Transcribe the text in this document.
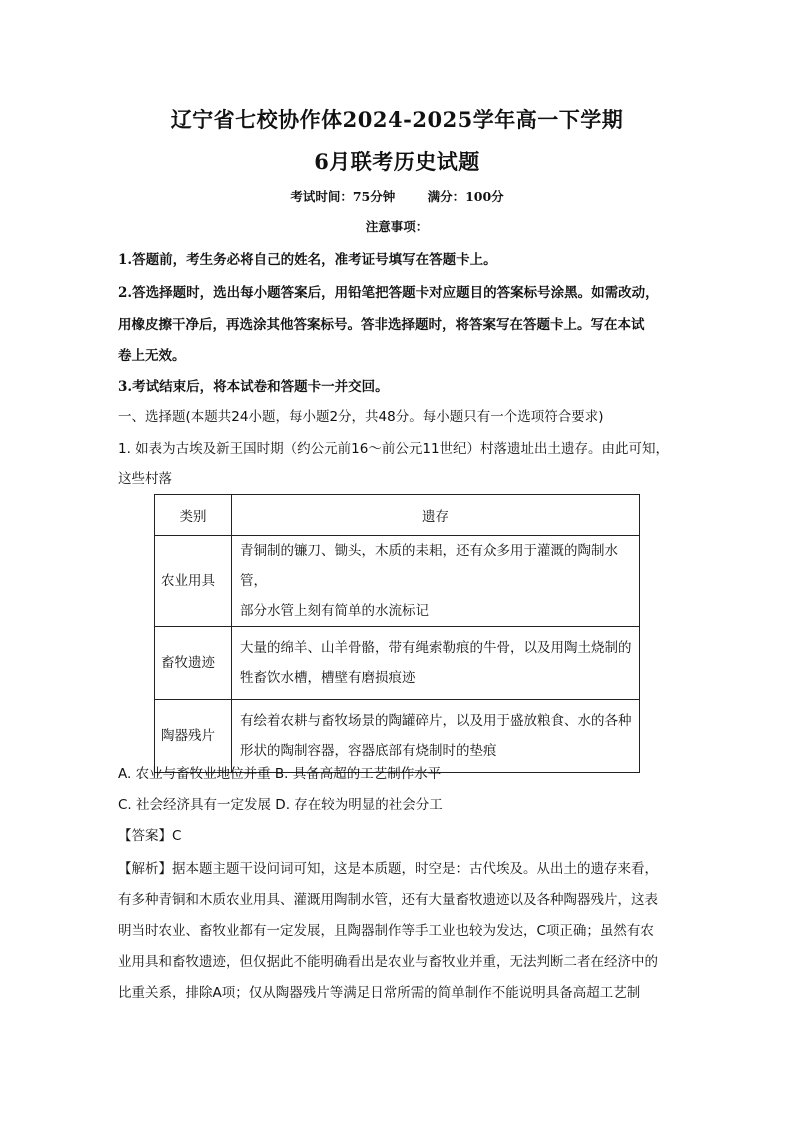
辽宁省七校协作体2024-2025学年高一下学期
6月联考历史试题
考试时间：75分钟	满分：100分
注意事项：
1.答题前，考生务必将自己的姓名，准考证号填写在答题卡上。
2.答选择题时，选出每小题答案后，用铅笔把答题卡对应题目的答案标号涂黑。如需改动，
用橡皮擦干净后，再选涂其他答案标号。答非选择题时，将答案写在答题卡上。写在本试
卷上无效。
3.考试结束后，将本试卷和答题卡一并交回。
一、选择题(本题共24小题，每小题2分，共48分。每小题只有一个选项符合要求)
1. 如表为古埃及新王国时期（约公元前16～前公元11世纪）村落遗址出土遗存。由此可知，
这些村落
类别	遗存
农业用具	青铜制的镰刀、锄头，木质的耒耜，还有众多用于灌溉的陶制水管，
部分水管上刻有简单的水流标记

畜牧遗迹	大量的绵羊、山羊骨骼，带有绳索勒痕的牛骨，以及用陶土烧制的
牲畜饮水槽，槽壁有磨损痕迹

陶器残片	有绘着农耕与畜牧场景的陶罐碎片，以及用于盛放粮食、水的各种
形状的陶制容器，容器底部有烧制时的垫痕
A. 农业与畜牧业地位并重 B. 具备高超的工艺制作水平
C. 社会经济具有一定发展 D. 存在较为明显的社会分工
【答案】C
【解析】据本题主题干设问词可知，这是本质题，时空是：古代埃及。从出土的遗存来看，
有多种青铜和木质农业用具、灌溉用陶制水管，还有大量畜牧遗迹以及各种陶器残片，这表
明当时农业、畜牧业都有一定发展，且陶器制作等手工业也较为发达，C项正确；虽然有农
业用具和畜牧遗迹，但仅据此不能明确看出是农业与畜牧业并重，无法判断二者在经济中的
比重关系，排除A项；仅从陶器残片等满足日常所需的简单制作不能说明具备高超工艺制
